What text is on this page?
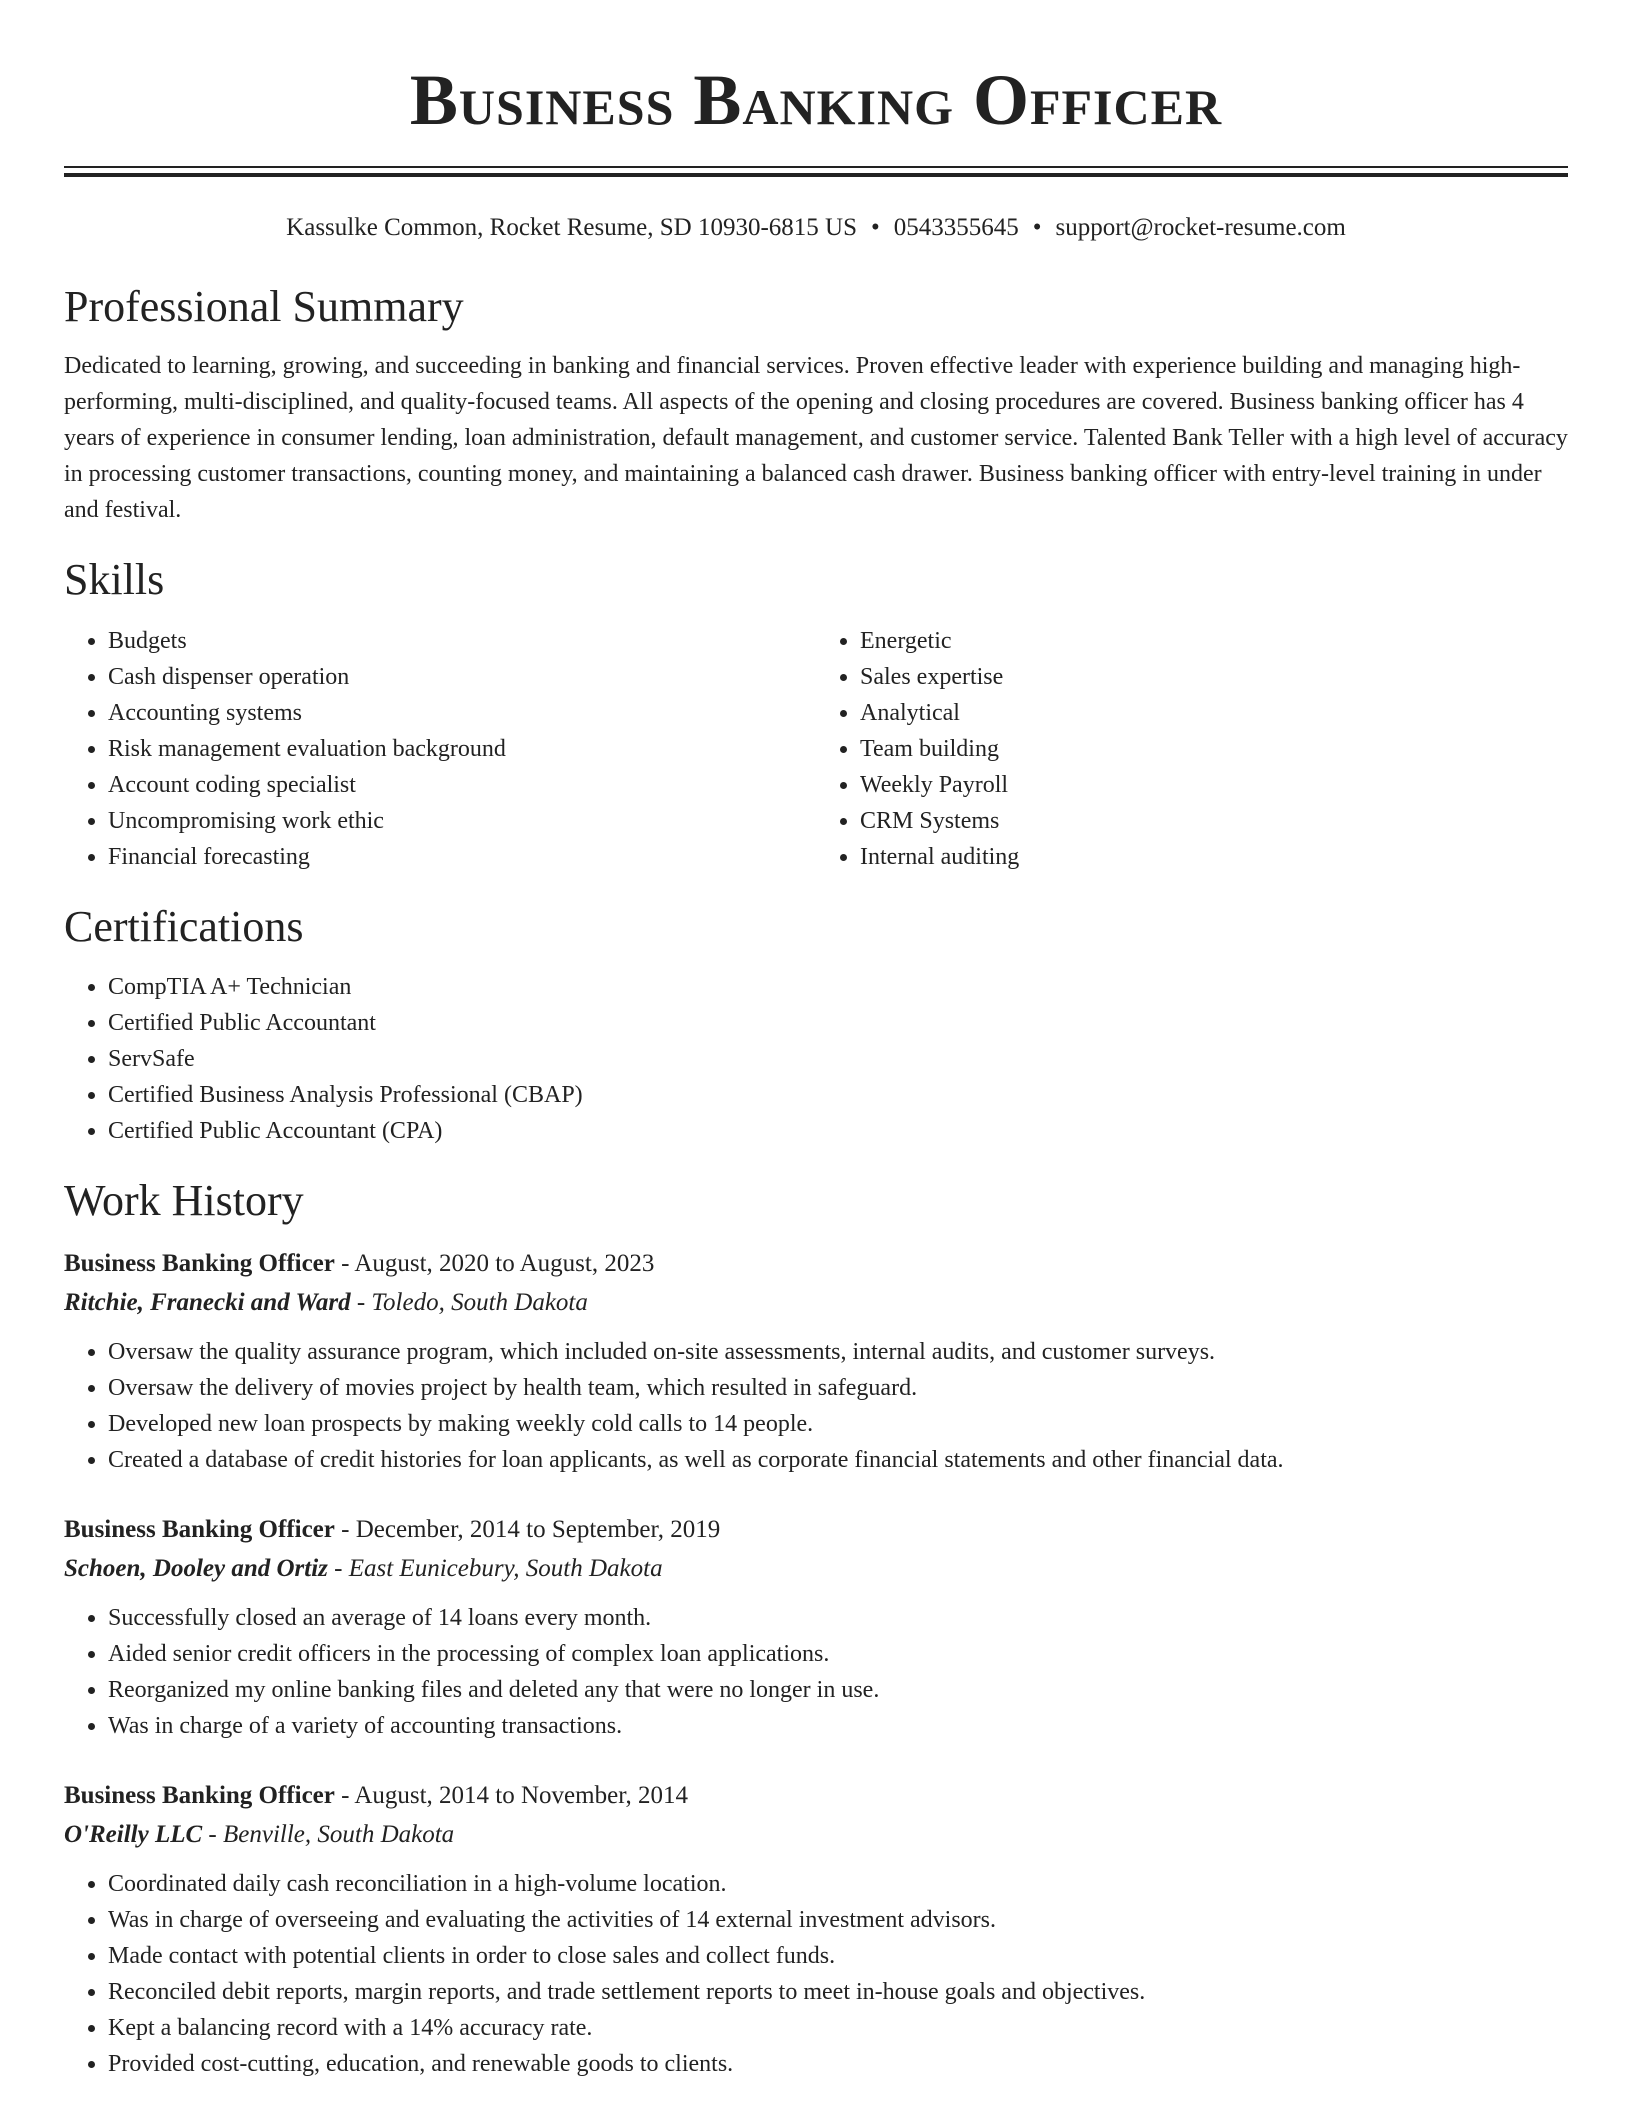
Business Banking Officer
Kassulke Common, Rocket Resume, SD 10930-6815 US • 0543355645 • support@rocket-resume.com
Professional Summary

Dedicated to learning, growing, and succeeding in banking and financial services. Proven effective leader with experience building and managing high-performing, multi-disciplined, and quality-focused teams. All aspects of the opening and closing procedures are covered. Business banking officer has 4 years of experience in consumer lending, loan administration, default management, and customer service. Talented Bank Teller with a high level of accuracy in processing customer transactions, counting money, and maintaining a balanced cash drawer. Business banking officer with entry-level training in under and festival.

Skills
• Budgets
• Cash dispenser operation
• Accounting systems
• Risk management evaluation background
• Account coding specialist
• Uncompromising work ethic
• Financial forecasting
• Energetic
• Sales expertise
• Analytical
• Team building
• Weekly Payroll
• CRM Systems
• Internal auditing
Certifications
• CompTIA A+ Technician
• Certified Public Accountant
• ServSafe
• Certified Business Analysis Professional (CBAP)
• Certified Public Accountant (CPA)
Work History
Business Banking Officer - August, 2020 to August, 2023
Ritchie, Franecki and Ward - Toledo, South Dakota
• Oversaw the quality assurance program, which included on-site assessments, internal audits, and customer surveys.
• Oversaw the delivery of movies project by health team, which resulted in safeguard.
• Developed new loan prospects by making weekly cold calls to 14 people.
• Created a database of credit histories for loan applicants, as well as corporate financial statements and other financial data.
Business Banking Officer - December, 2014 to September, 2019
Schoen, Dooley and Ortiz - East Eunicebury, South Dakota
• Successfully closed an average of 14 loans every month.
• Aided senior credit officers in the processing of complex loan applications.
• Reorganized my online banking files and deleted any that were no longer in use.
• Was in charge of a variety of accounting transactions.
Business Banking Officer - August, 2014 to November, 2014
O'Reilly LLC - Benville, South Dakota
• Coordinated daily cash reconciliation in a high-volume location.
• Was in charge of overseeing and evaluating the activities of 14 external investment advisors.
• Made contact with potential clients in order to close sales and collect funds.
• Reconciled debit reports, margin reports, and trade settlement reports to meet in-house goals and objectives.
• Kept a balancing record with a 14% accuracy rate.
• Provided cost-cutting, education, and renewable goods to clients.
